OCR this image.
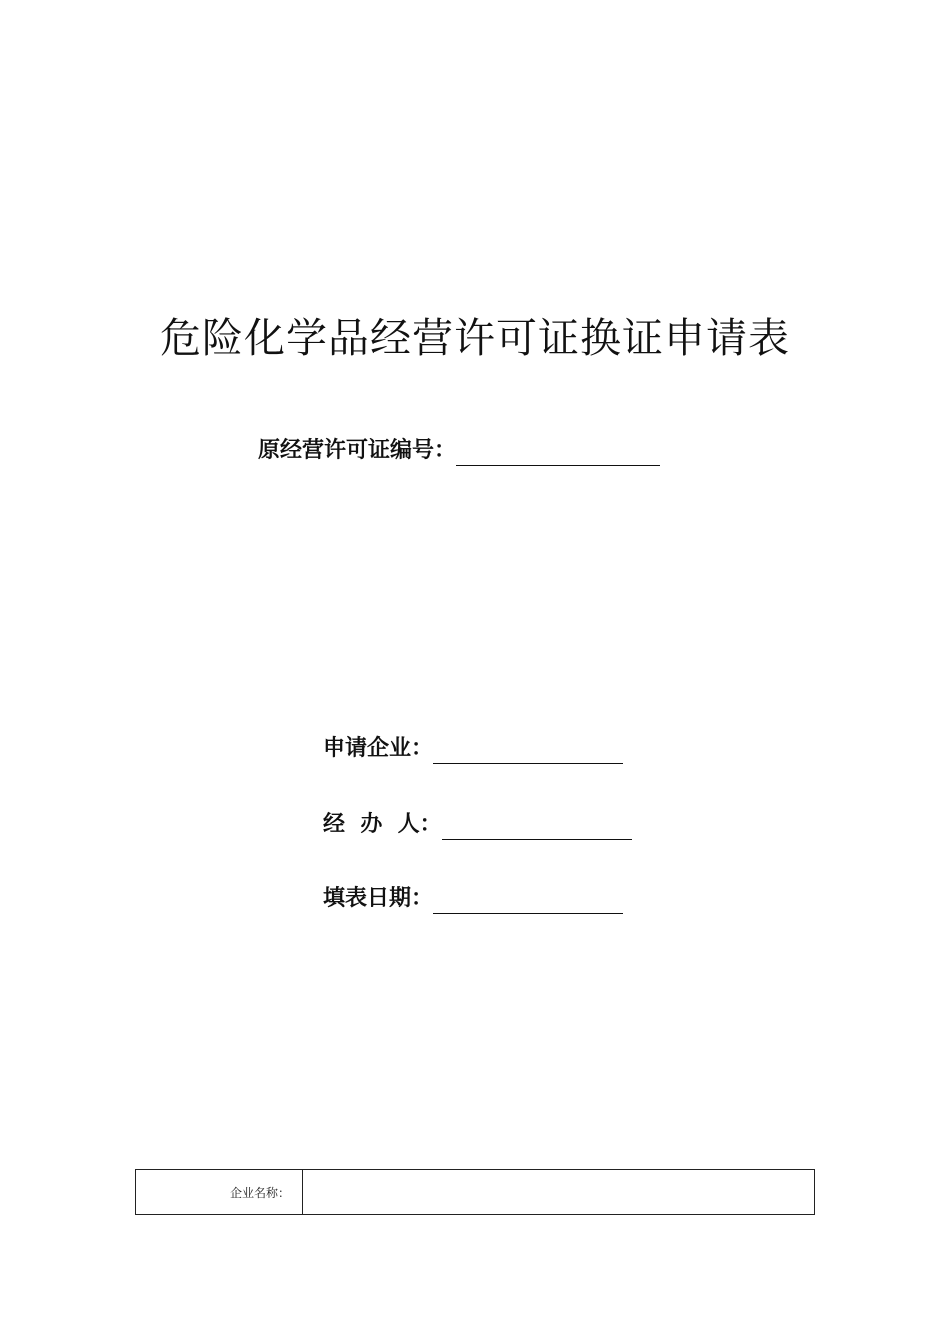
危险化学品经营许可证换证申请表
原经营许可证编号：
申请企业：
经  办  人：
填表日期：
企业名称：
